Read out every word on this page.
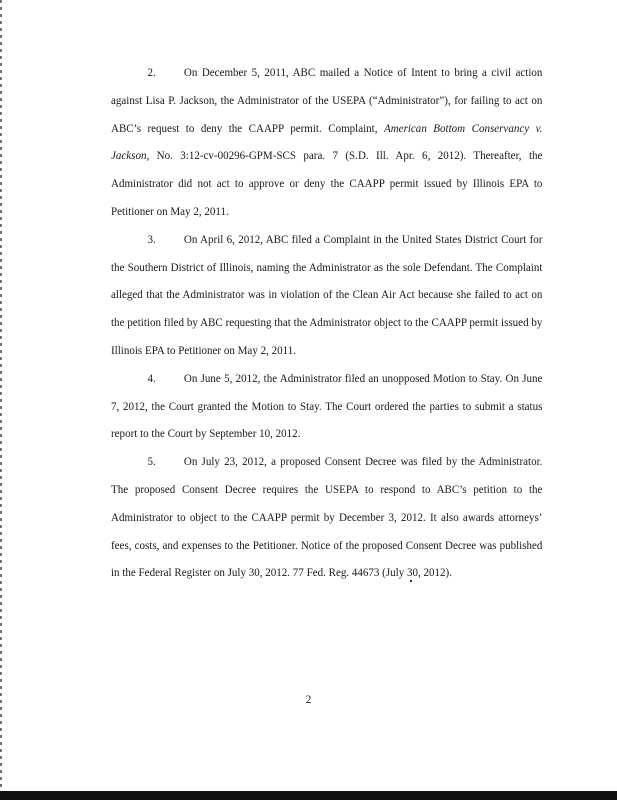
2.	On December 5, 2011, ABC mailed a Notice of Intent to bring a civil action against Lisa P. Jackson, the Administrator of the USEPA (“Administrator”), for failing to act on ABC’s request to deny the CAAPP permit. Complaint, American Bottom Conservancy v. Jackson, No. 3:12-cv-00296-GPM-SCS para. 7 (S.D. Ill. Apr. 6, 2012). Thereafter, the Administrator did not act to approve or deny the CAAPP permit issued by Illinois EPA to Petitioner on May 2, 2011.

3.	On April 6, 2012, ABC filed a Complaint in the United States District Court for the Southern District of Illinois, naming the Administrator as the sole Defendant. The Complaint alleged that the Administrator was in violation of the Clean Air Act because she failed to act on the petition filed by ABC requesting that the Administrator object to the CAAPP permit issued by Illinois EPA to Petitioner on May 2, 2011.

4.	On June 5, 2012, the Administrator filed an unopposed Motion to Stay. On June 7, 2012, the Court granted the Motion to Stay. The Court ordered the parties to submit a status report to the Court by September 10, 2012.

5.	On July 23, 2012, a proposed Consent Decree was filed by the Administrator. The proposed Consent Decree requires the USEPA to respond to ABC’s petition to the Administrator to object to the CAAPP permit by December 3, 2012. It also awards attorneys’ fees, costs, and expenses to the Petitioner. Notice of the proposed Consent Decree was published in the Federal Register on July 30, 2012. 77 Fed. Reg. 44673 (July 30, 2012).

2
